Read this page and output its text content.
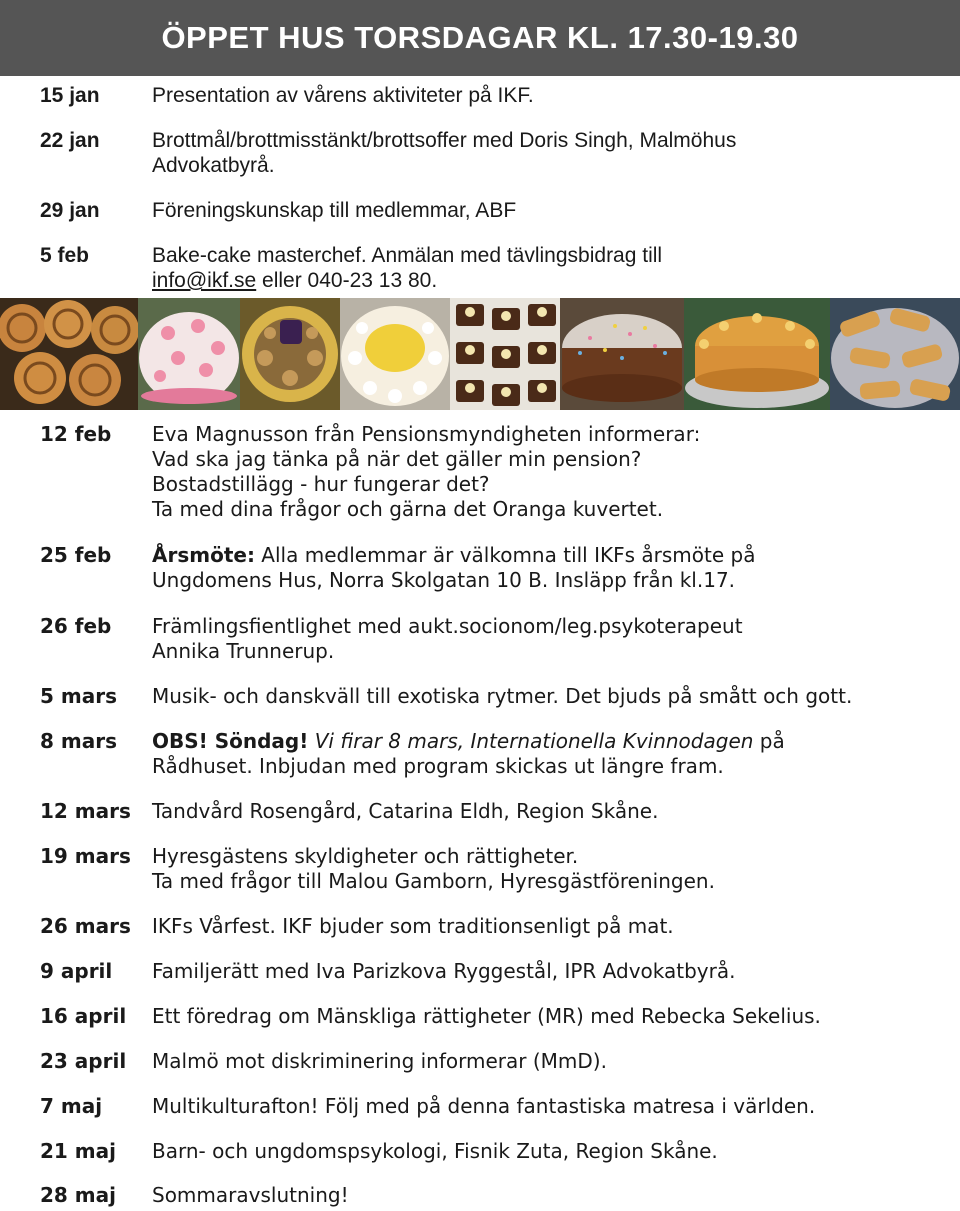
ÖPPET HUS TORSDAGAR KL. 17.30-19.30
15 jan	Presentation av vårens aktiviteter på IKF.
22 jan	Brottmål/brottmisstänkt/brottsoffer med Doris Singh, Malmöhus
Advokatbyrå.
29 jan	Föreningskunskap till medlemmar, ABF
5 feb	Bake-cake masterchef. Anmälan med tävlingsbidrag till
info@ikf.se eller 040-23 13 80.
12 feb	Eva Magnusson från Pensionsmyndigheten informerar:
Vad ska jag tänka på när det gäller min pension?
Bostadstillägg - hur fungerar det?
Ta med dina frågor och gärna det Oranga kuvertet.
25 feb	Årsmöte: Alla medlemmar är välkomna till IKFs årsmöte på
Ungdomens Hus, Norra Skolgatan 10 B. Insläpp från kl.17.
26 feb	Främlingsfientlighet med aukt.socionom/leg.psykoterapeut
Annika Trunnerup.
5 mars	Musik- och danskväll till exotiska rytmer. Det bjuds på smått och gott.
8 mars	OBS! Söndag! Vi firar 8 mars, Internationella Kvinnodagen på
Rådhuset. Inbjudan med program skickas ut längre fram.
12 mars	Tandvård Rosengård, Catarina Eldh, Region Skåne.
19 mars	Hyresgästens skyldigheter och rättigheter.
Ta med frågor till Malou Gamborn, Hyresgästföreningen.
26 mars	IKFs Vårfest. IKF bjuder som traditionsenligt på mat.
9 april	Familjerätt med Iva Parizkova Ryggestål, IPR Advokatbyrå.
16 april	Ett föredrag om Mänskliga rättigheter (MR) med Rebecka Sekelius.
23 april	Malmö mot diskriminering informerar (MmD).
7 maj	Multikulturafton! Följ med på denna fantastiska matresa i världen.
21 maj	Barn- och ungdomspsykologi, Fisnik Zuta, Region Skåne.
28 maj	Sommaravslutning!
